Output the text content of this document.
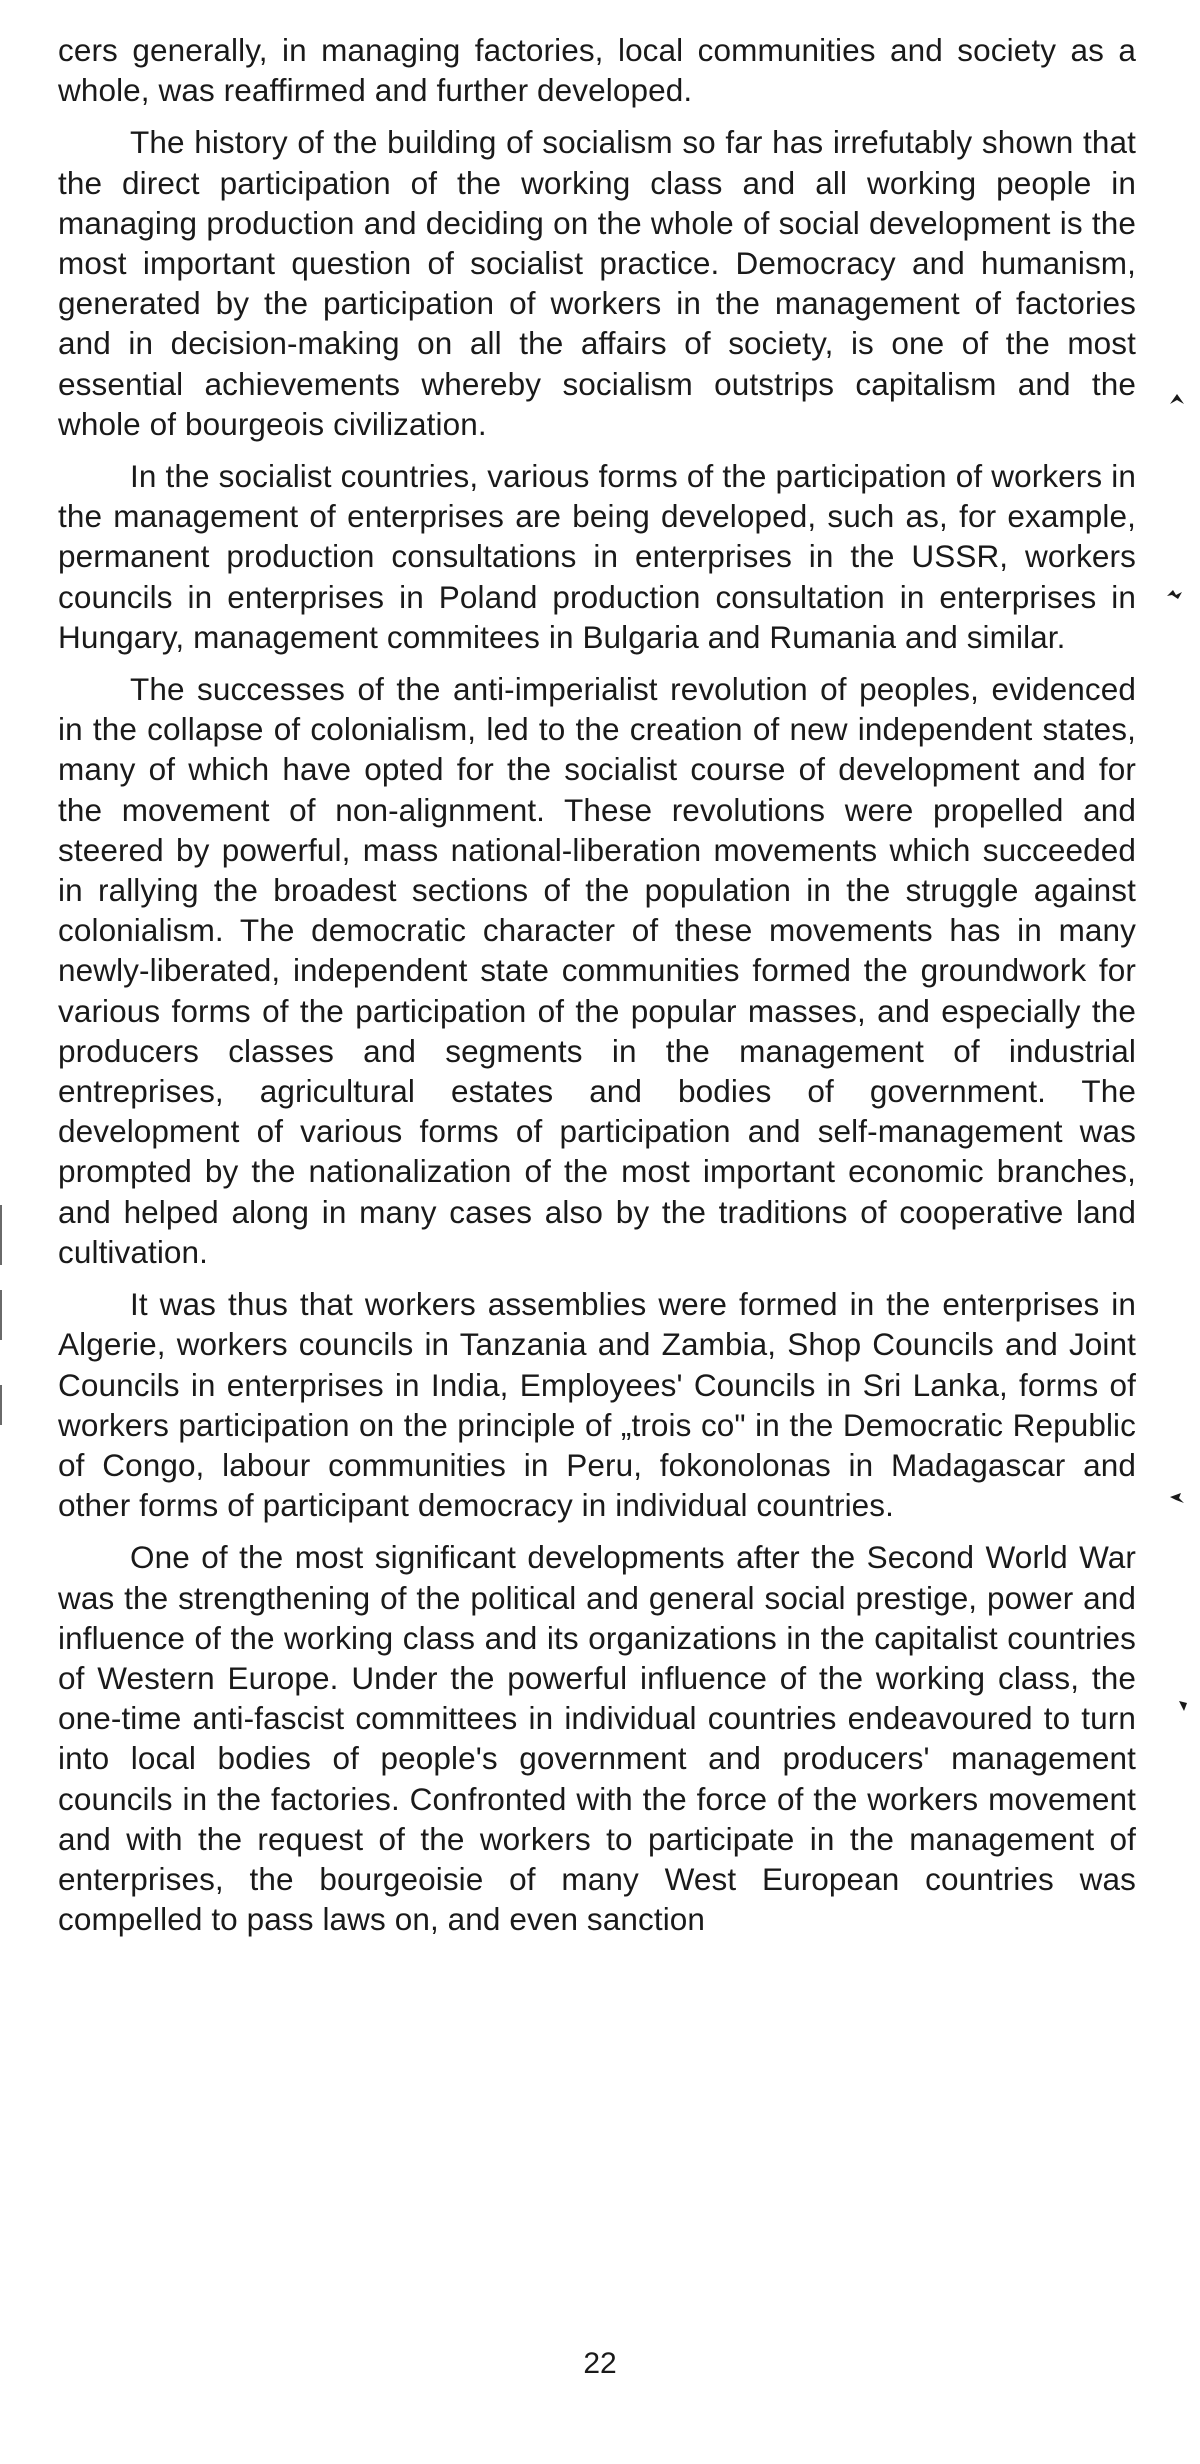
cers generally, in managing factories, local communities and society as a whole, was reaffirmed and further developed.

The history of the building of socialism so far has irrefutably shown that the direct participation of the working class and all working people in managing production and deciding on the whole of social development is the most important question of socialist practice. Democracy and humanism, generated by the participation of workers in the management of factories and in decision-making on all the affairs of society, is one of the most essential achievements whereby socialism outstrips capitalism and the whole of bourgeois civilization.

In the socialist countries, various forms of the participation of workers in the management of enterprises are being developed, such as, for example, permanent production consultations in enterprises in the USSR, workers councils in enterprises in Poland production consultation in enterprises in Hungary, management commitees in Bulgaria and Rumania and similar.

The successes of the anti-imperialist revolution of peoples, evidenced in the collapse of colonialism, led to the creation of new independent states, many of which have opted for the socialist course of development and for the movement of non-alignment. These revolutions were propelled and steered by powerful, mass national-liberation movements which succeeded in rallying the broadest sections of the population in the struggle against colonialism. The democratic character of these movements has in many newly-liberated, independent state communities formed the groundwork for various forms of the participation of the popular masses, and especially the producers classes and segments in the management of industrial entreprises, agricultural estates and bodies of government. The development of various forms of participation and self-management was prompted by the nationalization of the most important economic branches, and helped along in many cases also by the traditions of cooperative land cultivation.

It was thus that workers assemblies were formed in the enterprises in Algerie, workers councils in Tanzania and Zambia, Shop Councils and Joint Councils in enterprises in India, Employees' Councils in Sri Lanka, forms of workers participation on the principle of „trois co" in the Democratic Republic of Congo, labour communities in Peru, fokonolonas in Madagascar and other forms of participant democracy in individual countries.

One of the most significant developments after the Second World War was the strengthening of the political and general social prestige, power and influence of the working class and its organizations in the capitalist countries of Western Europe. Under the powerful influence of the working class, the one-time anti-fascist committees in individual countries endeavoured to turn into local bodies of people's government and producers' management councils in the factories. Confronted with the force of the workers movement and with the request of the workers to participate in the management of enterprises, the bourgeoisie of many West European countries was compelled to pass laws on, and even sanction

22
